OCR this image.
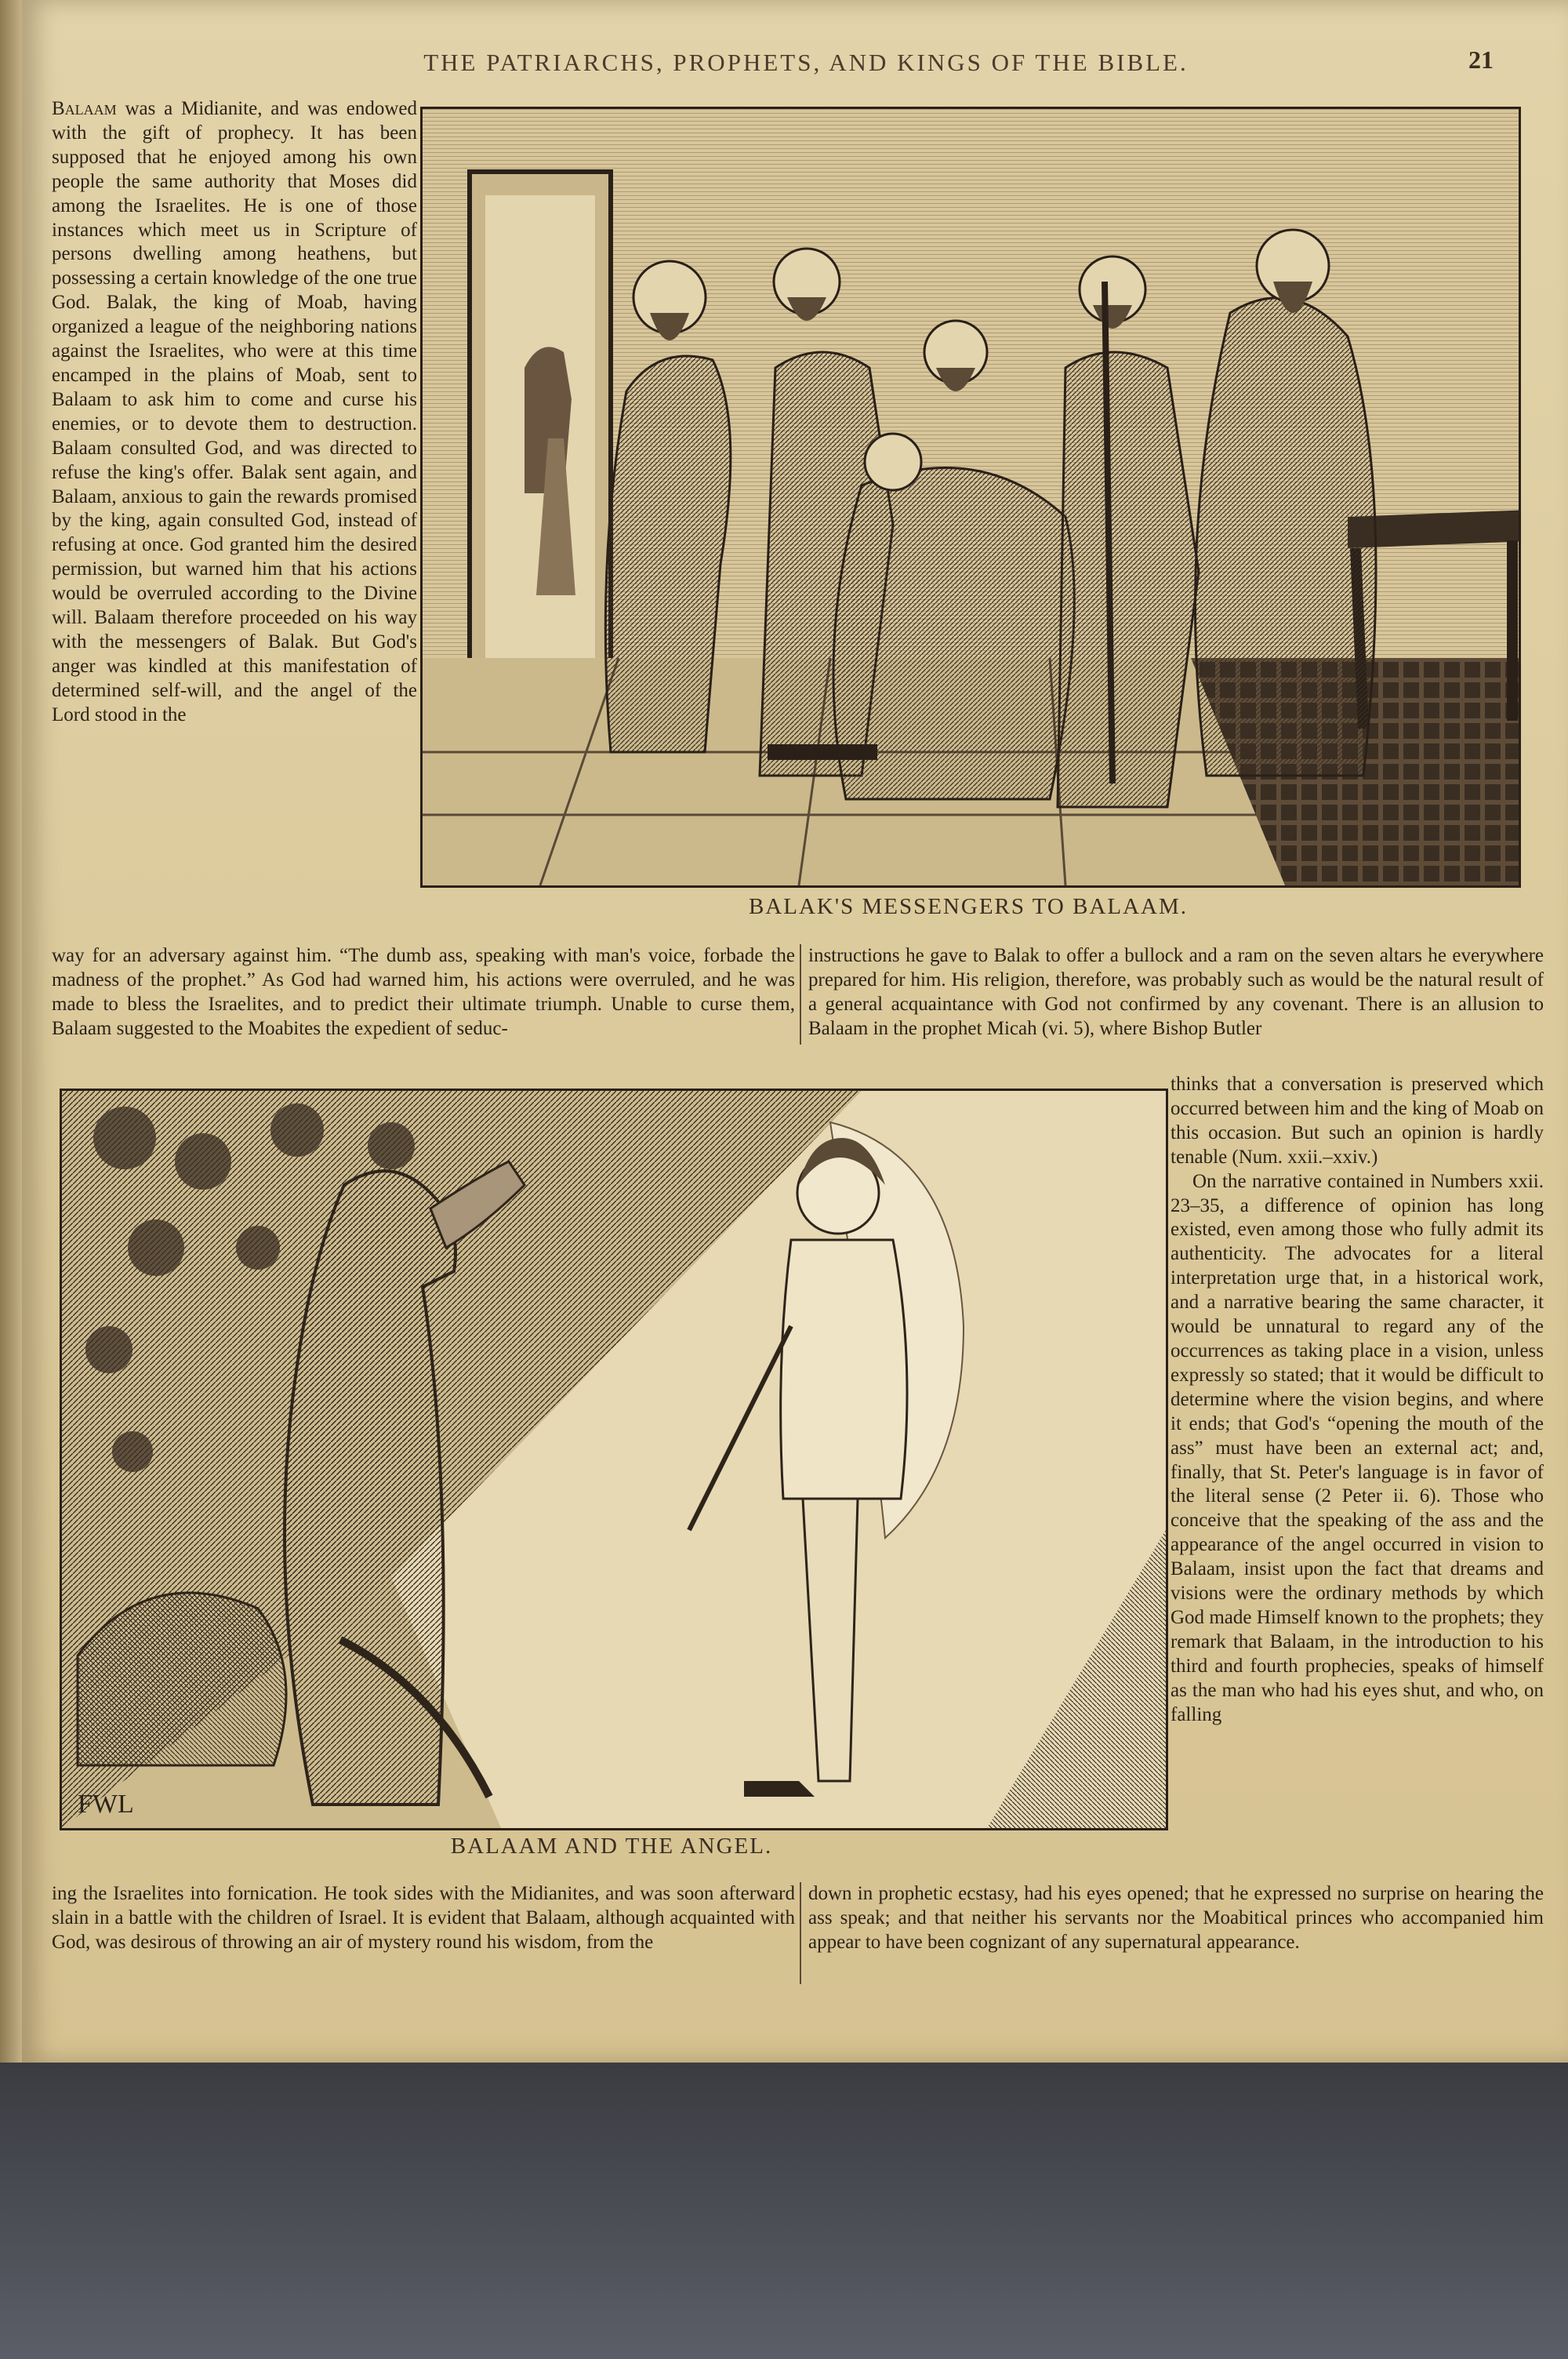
THE PATRIARCHS, PROPHETS, AND KINGS OF THE BIBLE.	21

Balaam was a Midianite, and was endowed with the gift of prophecy. It has been supposed that he enjoyed among his own people the same authority that Moses did among the Israelites. He is one of those instances which meet us in Scripture of persons dwelling among heathens, but possessing a certain knowledge of the one true God. Balak, the king of Moab, having organized a league of the neighboring nations against the Israelites, who were at this time encamped in the plains of Moab, sent to Balaam to ask him to come and curse his enemies, or to devote them to destruction. Balaam consulted God, and was directed to refuse the king's offer. Balak sent again, and Balaam, anxious to gain the rewards promised by the king, again consulted God, instead of refusing at once. God granted him the desired permission, but warned him that his actions would be overruled according to the Divine will. Balaam therefore proceeded on his way with the messengers of Balak. But God's anger was kindled at this manifestation of determined self-will, and the angel of the Lord stood in the

BALAK'S MESSENGERS TO BALAAM.

way for an adversary against him. “The dumb ass, speaking with man's voice, forbade the madness of the prophet.” As God had warned him, his actions were overruled, and he was made to bless the Israelites, and to predict their ultimate triumph. Unable to curse them, Balaam suggested to the Moabites the expedient of seduc-

instructions he gave to Balak to offer a bullock and a ram on the seven altars he everywhere prepared for him. His religion, therefore, was probably such as would be the natural result of a general acquaintance with God not confirmed by any covenant. There is an allusion to Balaam in the prophet Micah (vi. 5), where Bishop Butler

FWL
BALAAM AND THE ANGEL.

thinks that a conversation is preserved which occurred between him and the king of Moab on this occasion. But such an opinion is hardly tenable (Num. xxii.–xxiv.)

On the narrative contained in Numbers xxii. 23–35, a difference of opinion has long existed, even among those who fully admit its authenticity. The advocates for a literal interpretation urge that, in a historical work, and a narrative bearing the same character, it would be unnatural to regard any of the occurrences as taking place in a vision, unless expressly so stated; that it would be difficult to determine where the vision begins, and where it ends; that God's “opening the mouth of the ass” must have been an external act; and, finally, that St. Peter's language is in favor of the literal sense (2 Peter ii. 6). Those who conceive that the speaking of the ass and the appearance of the angel occurred in vision to Balaam, insist upon the fact that dreams and visions were the ordinary methods by which God made Himself known to the prophets; they remark that Balaam, in the introduction to his third and fourth prophecies, speaks of himself as the man who had his eyes shut, and who, on falling

ing the Israelites into fornication. He took sides with the Midianites, and was soon afterward slain in a battle with the children of Israel. It is evident that Balaam, although acquainted with God, was desirous of throwing an air of mystery round his wisdom, from the

down in prophetic ecstasy, had his eyes opened; that he expressed no surprise on hearing the ass speak; and that neither his servants nor the Moabitical princes who accompanied him appear to have been cognizant of any supernatural appearance.
